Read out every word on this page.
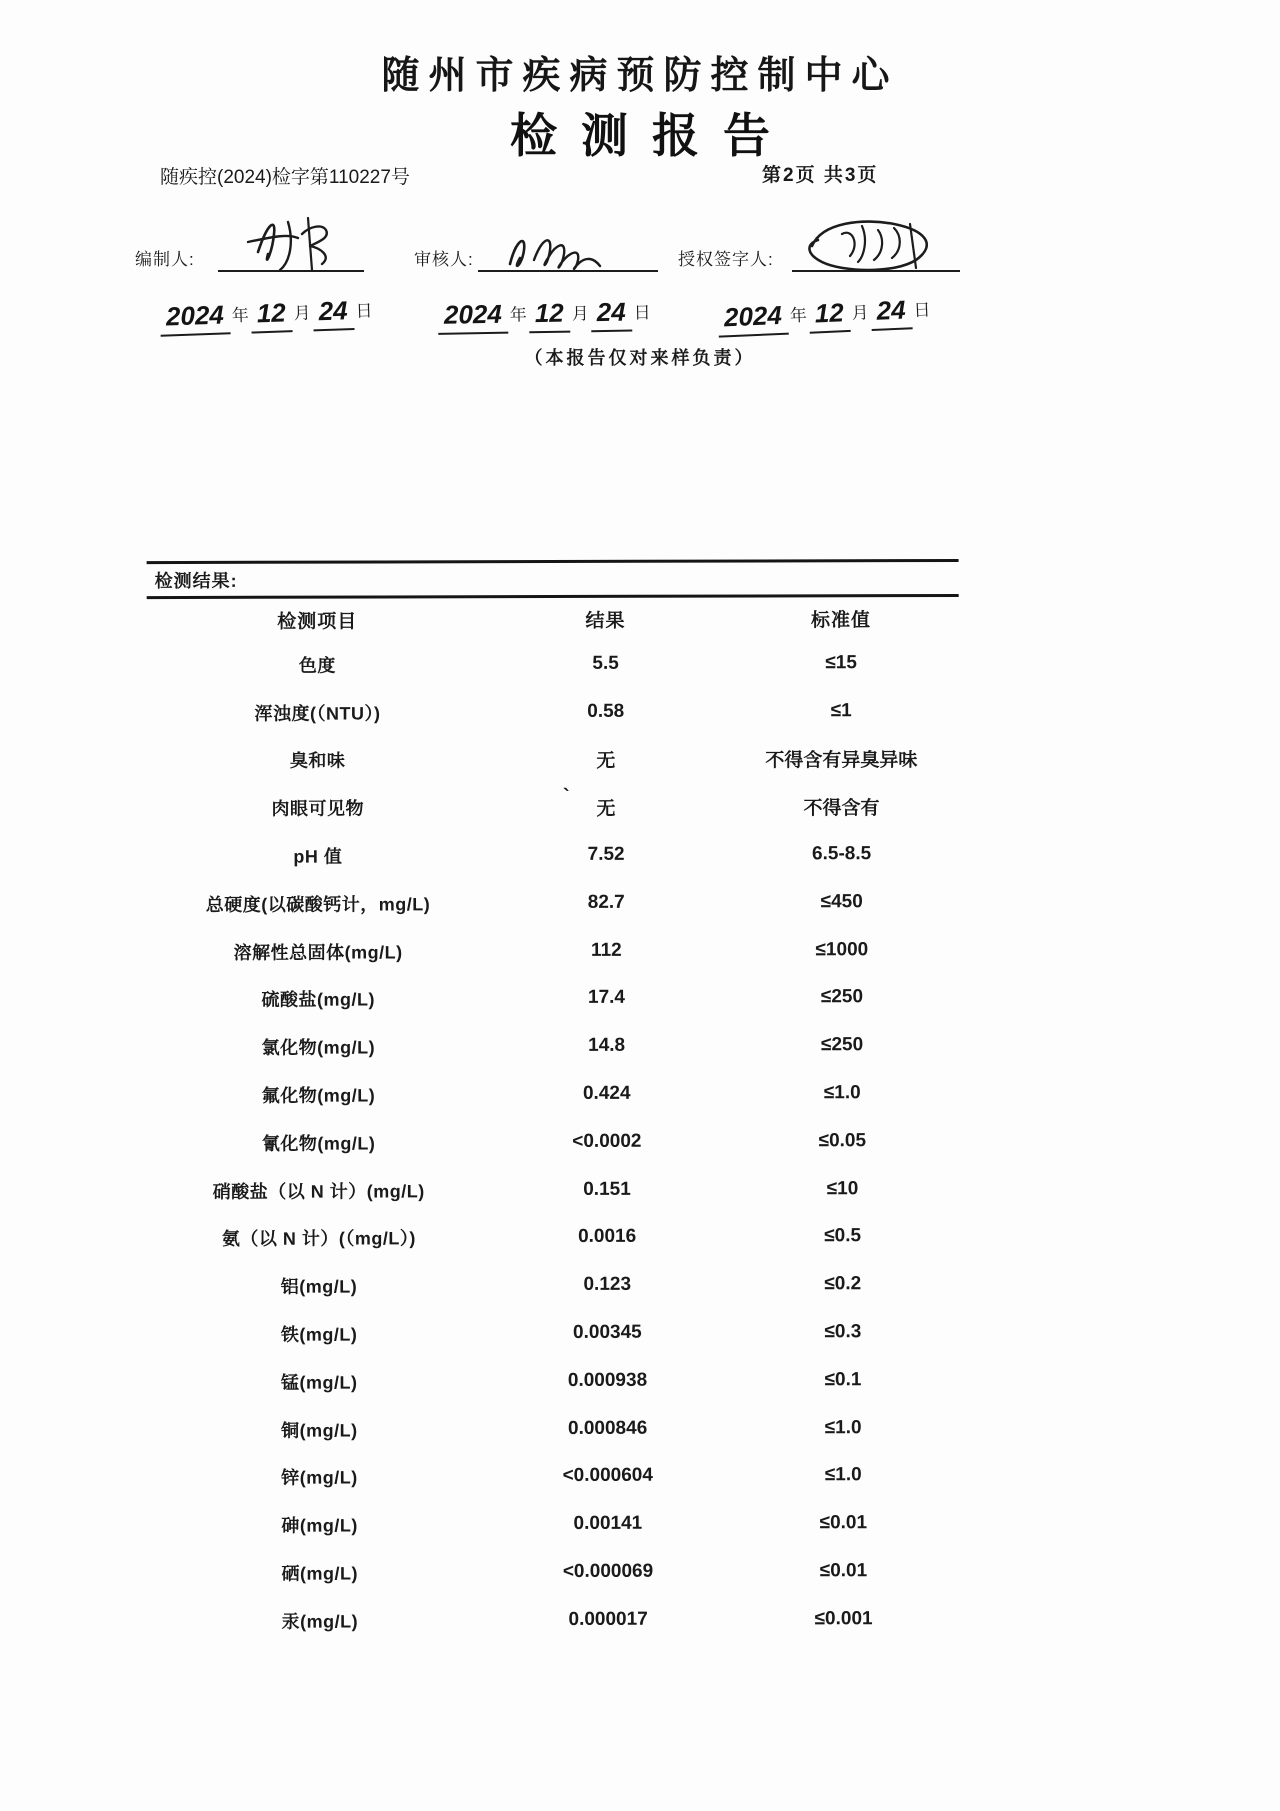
随州市疾病预防控制中心
检测报告
随疾控(2024)检字第110227号	第2页 共3页
编制人:	审核人:	授权签字人:
2024 年 12 月 24 日	2024 年 12 月 24 日	2024 年 12 月 24 日
（本报告仅对来样负责）
`
检测结果:
检测项目	结果	标准值
色度	5.5	≤15
浑浊度(（NTU）)	0.58	≤1
臭和味	无	不得含有异臭异味
肉眼可见物	无	不得含有
pH 值	7.52	6.5-8.5
总硬度(以碳酸钙计，mg/L)	82.7	≤450
溶解性总固体(mg/L)	112	≤1000
硫酸盐(mg/L)	17.4	≤250
氯化物(mg/L)	14.8	≤250
氟化物(mg/L)	0.424	≤1.0
氰化物(mg/L)	<0.0002	≤0.05
硝酸盐（以 N 计）(mg/L)	0.151	≤10
氨（以 N 计）(（mg/L）)	0.0016	≤0.5
铝(mg/L)	0.123	≤0.2
铁(mg/L)	0.00345	≤0.3
锰(mg/L)	0.000938	≤0.1
铜(mg/L)	0.000846	≤1.0
锌(mg/L)	<0.000604	≤1.0
砷(mg/L)	0.00141	≤0.01
硒(mg/L)	<0.000069	≤0.01
汞(mg/L)	0.000017	≤0.001
